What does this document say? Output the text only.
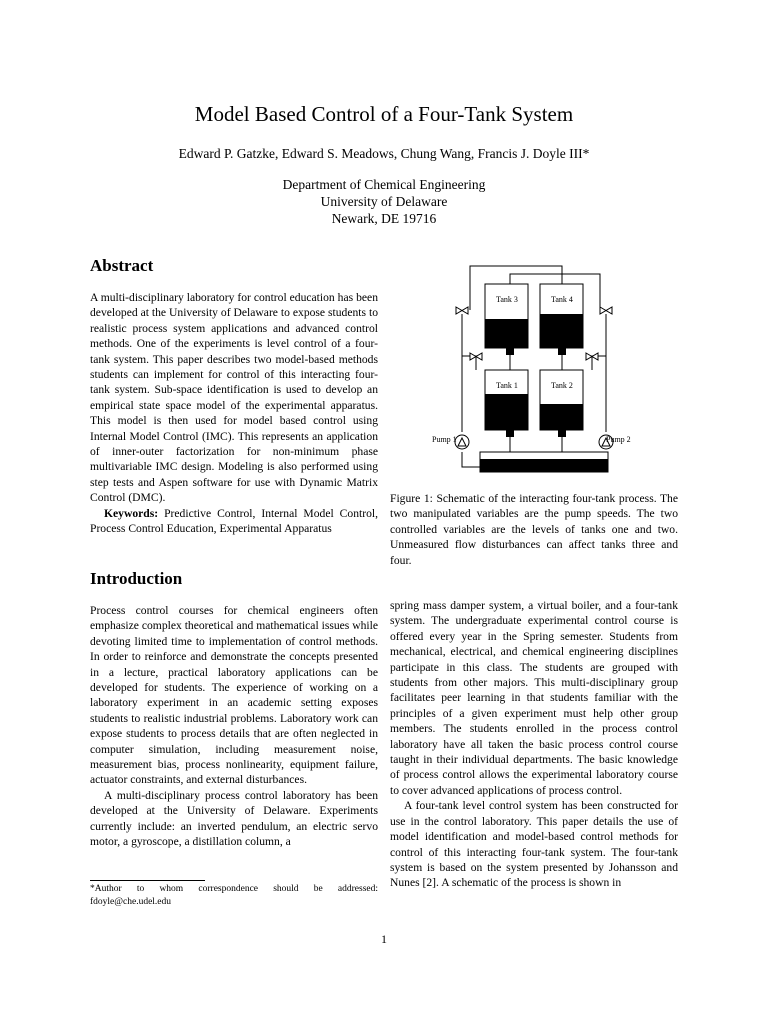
Model Based Control of a Four-Tank System
Edward P. Gatzke, Edward S. Meadows, Chung Wang, Francis J. Doyle III*
Department of Chemical Engineering
University of Delaware
Newark, DE 19716
Abstract

A multi-disciplinary laboratory for control education has been developed at the University of Delaware to expose students to realistic process system applications and advanced control methods. One of the experiments is level control of a four-tank system. This paper describes two model-based methods students can implement for control of this interacting four-tank system. Sub-space identification is used to develop an empirical state space model of the experimental apparatus. This model is then used for model based control using Internal Model Control (IMC). This represents an application of inner-outer factorization for non-minimum phase multivariable IMC design. Modeling is also performed using step tests and Aspen software for use with Dynamic Matrix Control (DMC).

Keywords: Predictive Control, Internal Model Control, Process Control Education, Experimental Apparatus

Introduction

Process control courses for chemical engineers often emphasize complex theoretical and mathematical issues while devoting limited time to implementation of control methods. In order to reinforce and demonstrate the concepts presented in a lecture, practical laboratory applications can be developed for students. The experience of working on a laboratory experiment in an academic setting exposes students to realistic industrial problems. Laboratory work can expose students to process details that are often neglected in computer simulation, including measurement noise, measurement bias, process nonlinearity, equipment failure, actuator constraints, and external disturbances.

A multi-disciplinary process control laboratory has been developed at the University of Delaware. Experiments currently include: an inverted pendulum, an electric servo motor, a gyroscope, a distillation column, a

*Author to whom correspondence should be addressed: fdoyle@che.udel.edu
Tank 3	Tank 4
Tank 1	Tank 2
Pump 1	Pump 2
Figure 1: Schematic of the interacting four-tank process. The two manipulated variables are the pump speeds. The two controlled variables are the levels of tanks one and two. Unmeasured flow disturbances can affect tanks three and four.

spring mass damper system, a virtual boiler, and a four-tank system. The undergraduate experimental control course is offered every year in the Spring semester. Students from mechanical, electrical, and chemical engineering disciplines participate in this class. The students are grouped with students from other majors. This multi-disciplinary group facilitates peer learning in that students familiar with the principles of a given experiment must help other group members. The students enrolled in the process control laboratory have all taken the basic process control course taught in their individual departments. The basic knowledge of process control allows the experimental laboratory course to cover advanced applications of process control.

A four-tank level control system has been constructed for use in the control laboratory. This paper details the use of model identification and model-based control methods for control of this interacting four-tank system. The four-tank system is based on the system presented by Johansson and Nunes [2]. A schematic of the process is shown in

1
